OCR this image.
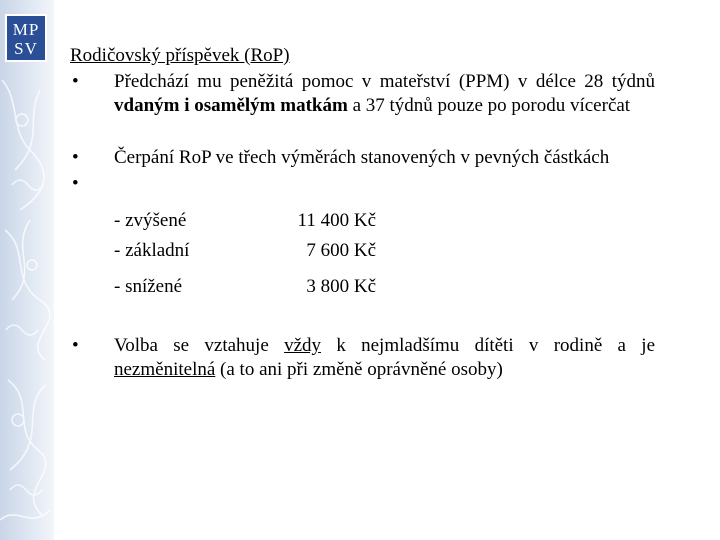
MP
SV	Rodičovský příspěvek (RoP)
• Předchází mu peněžitá pomoc v mateřství (PPM) v délce 28 týdnů vdaným i osamělým matkám a 37 týdnů pouze po porodu vícerčat
• Čerpání RoP ve třech výměrách stanovených v pevných částkách
•
- zvýšené	11 400 Kč
- základní	7 600 Kč
- snížené	3 800 Kč
• Volba se vztahuje vždy k nejmladšímu dítěti v rodině a je nezměnitelná (a to ani při změně oprávněné osoby)
